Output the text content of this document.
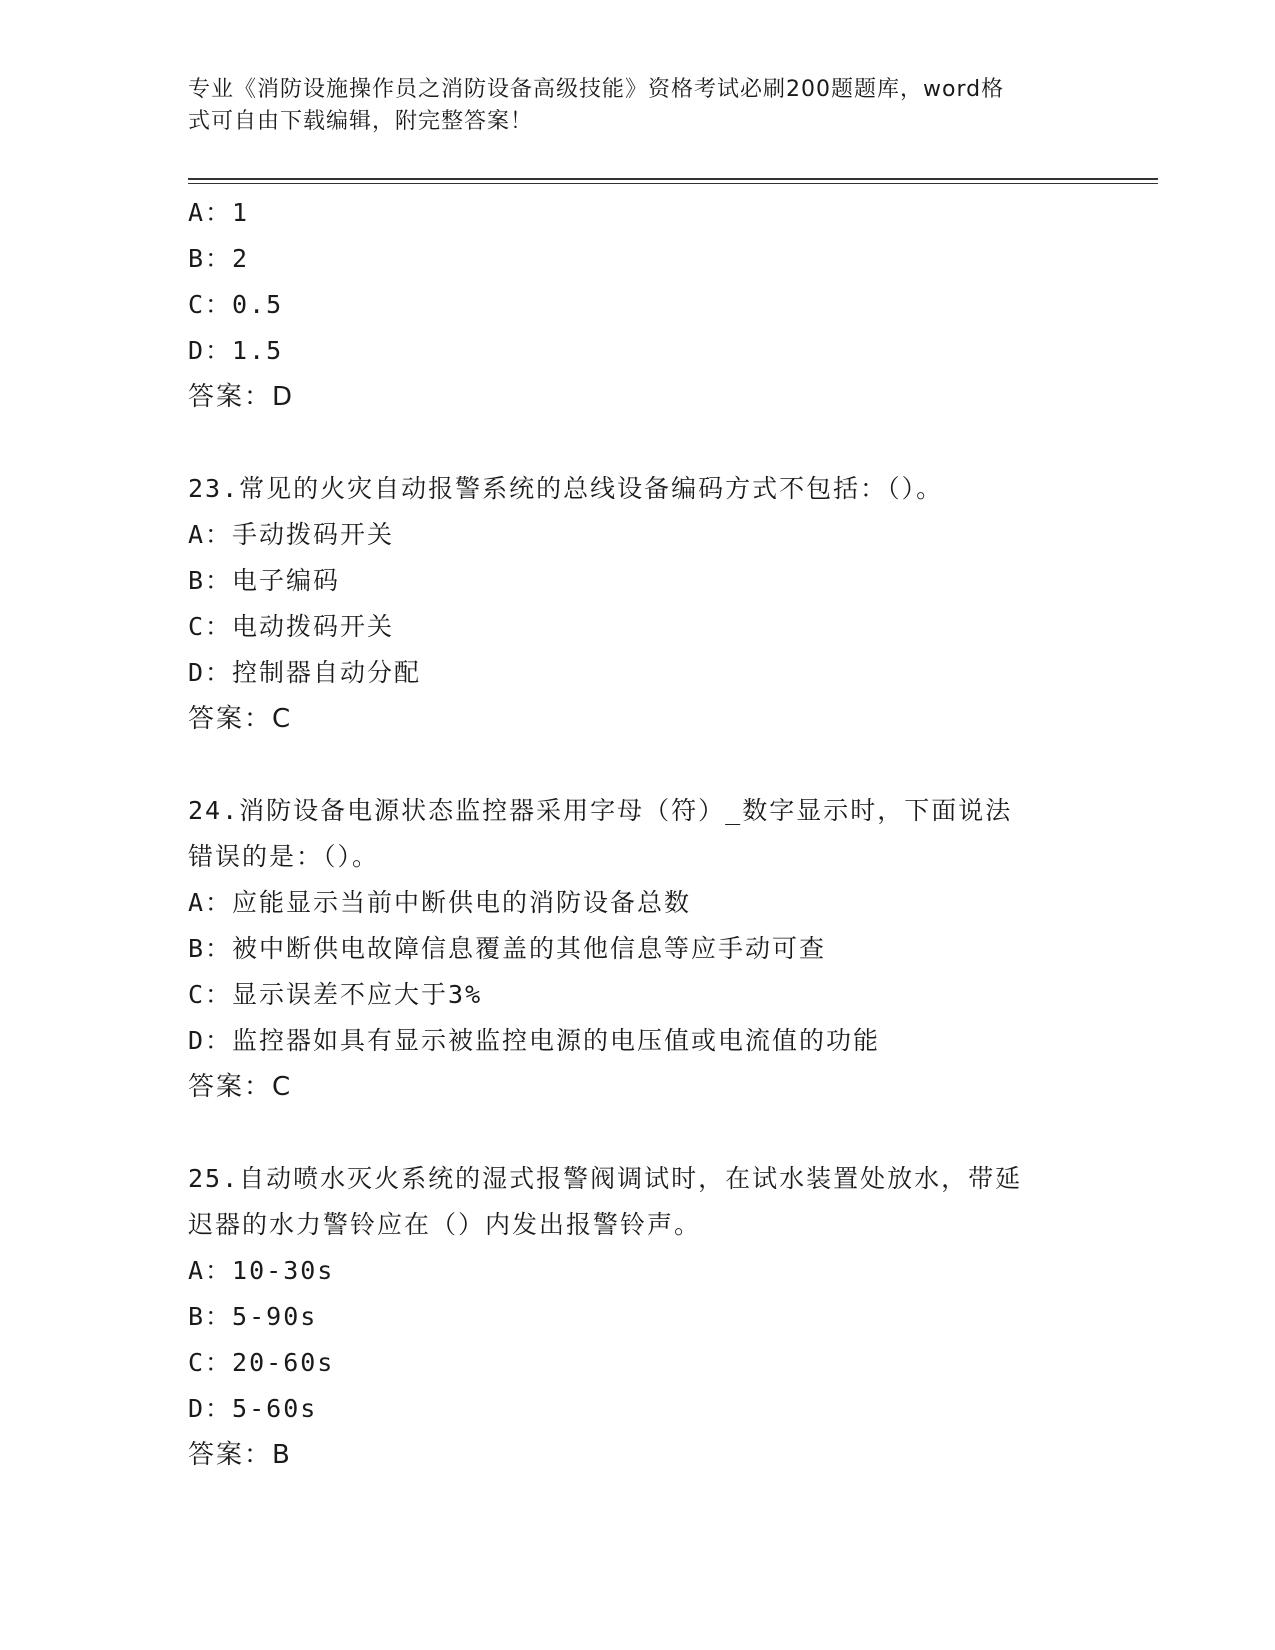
专业《消防设施操作员之消防设备高级技能》资格考试必刷200题题库，word格
式可自由下载编辑，附完整答案！
A：1
B：2
C：0.5
D：1.5
答案：D
23.常见的火灾自动报警系统的总线设备编码方式不包括：（）。
A：手动拨码开关
B：电子编码
C：电动拨码开关
D：控制器自动分配
答案：C
24.消防设备电源状态监控器采用字母（符）_数字显示时，下面说法
错误的是：（）。
A：应能显示当前中断供电的消防设备总数
B：被中断供电故障信息覆盖的其他信息等应手动可查
C：显示误差不应大于3%
D：监控器如具有显示被监控电源的电压值或电流值的功能
答案：C
25.自动喷水灭火系统的湿式报警阀调试时，在试水装置处放水，带延
迟器的水力警铃应在（）内发出报警铃声。
A：10-30s
B：5-90s
C：20-60s
D：5-60s
答案：B
